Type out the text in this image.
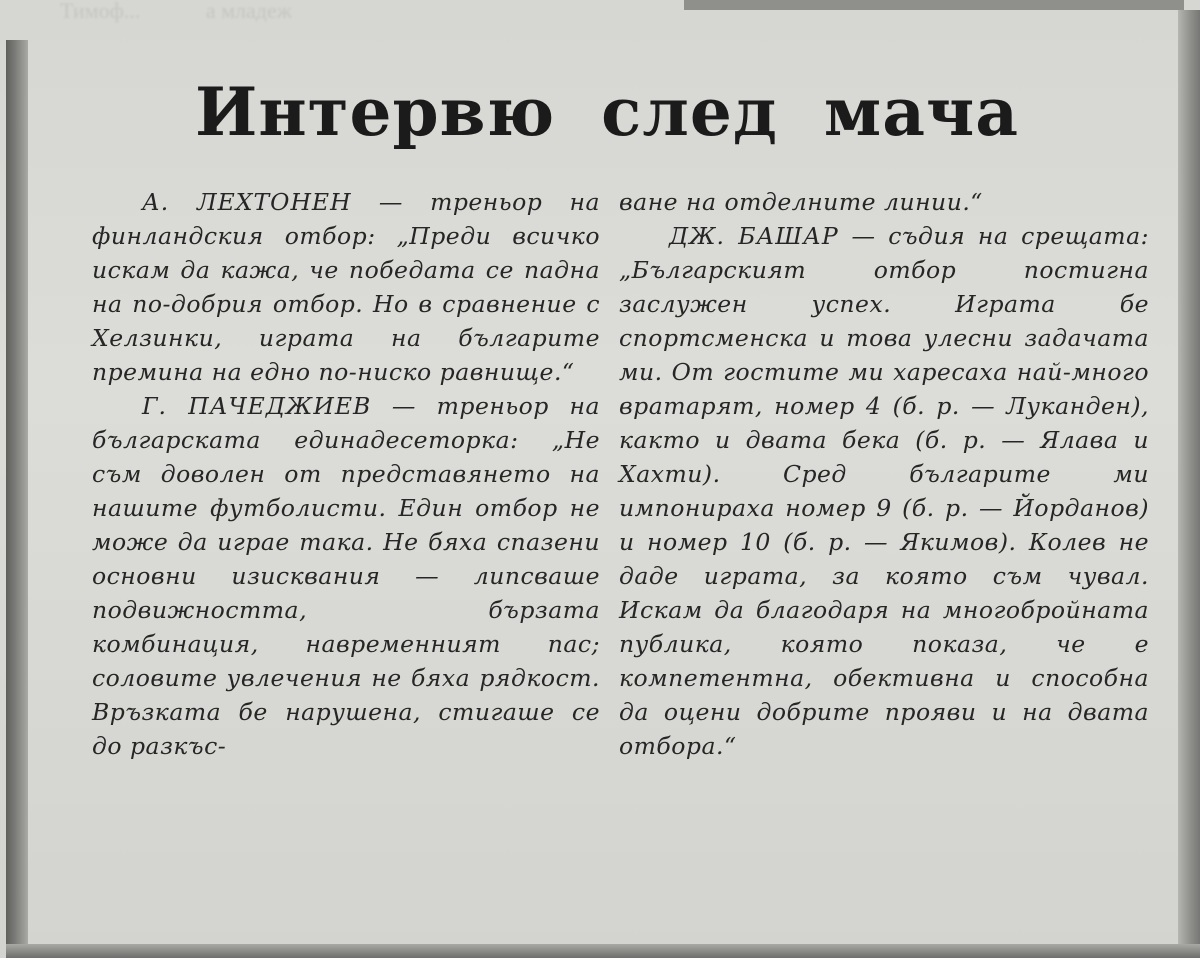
Тимоф...	а младеж
Интервю след мача

А. ЛЕХТОНЕН — треньор на финландския отбор: „Преди всичко искам да кажа, че победата се падна на по-добрия отбор. Но в сравнение с Хелзинки, играта на българите премина на едно по-ниско равнище.“

Г. ПАЧЕДЖИЕВ — треньор на българската единадесеторка: „Не съм доволен от представянето на нашите футболисти. Един отбор не може да играе така. Не бяха спазени основни изисквания — липсваше подвижността, бързата комбинация, навременният пас; соловите увлечения не бяха рядкост. Връзката бе нарушена, стигаше се до разкъс-

ване на отделните линии.“

ДЖ. БАШАР — съдия на срещата: „Българският отбор постигна заслужен успех. Играта бе спортсменска и това улесни задачата ми. От гостите ми харесаха най-много вратарят, номер 4 (б. р. — Луканден), както и двата бека (б. р. — Ялава и Хахти). Сред българите ми импонираха номер 9 (б. р. — Йорданов) и номер 10 (б. р. — Якимов). Колев не даде играта, за която съм чувал. Искам да благодаря на многобройната публика, която показа, че е компетентна, обективна и способна да оцени добрите прояви и на двата отбора.“
